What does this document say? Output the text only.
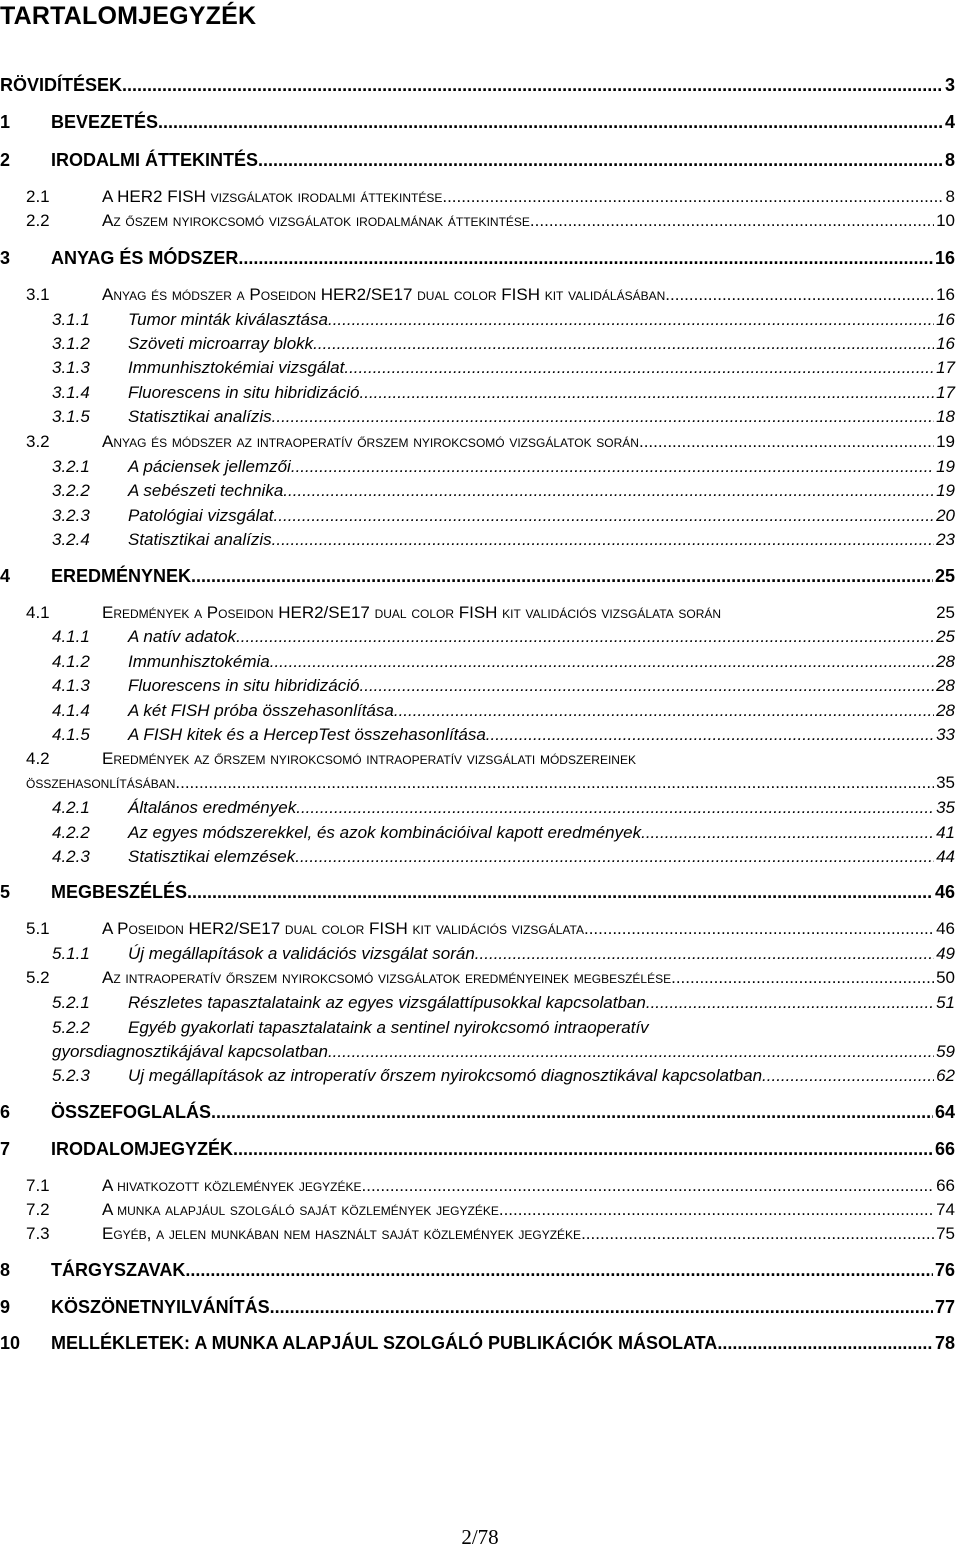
TARTALOMJEGYZÉK
RÖVIDÍTÉSEK .....	3
1	BEVEZETÉS .....	4
2	IRODALMI ÁTTEKINTÉS .....	8
2.1	A HER2 FISH vizsgálatok irodalmi áttekintése .....	8
2.2	Az őszem nyirokcsomó vizsgálatok irodalmának áttekintése .....	10
3	ANYAG ÉS MÓDSZER .....	16
3.1	Anyag és módszer a Poseidon HER2/SE17 dual color FISH kit validálásában .....	16
3.1.1	Tumor minták kiválasztása .....	16
3.1.2	Szöveti microarray blokk .....	16
3.1.3	Immunhisztokémiai vizsgálat .....	17
3.1.4	Fluorescens in situ hibridizáció .....	17
3.1.5	Statisztikai analízis .....	18
3.2	Anyag és módszer az intraoperatív őrszem nyirokcsomó vizsgálatok során .....	19
3.2.1	A páciensek jellemzői .....	19
3.2.2	A sebészeti technika .....	19
3.2.3	Patológiai vizsgálat .....	20
3.2.4	Statisztikai analízis .....	23
4	EREDMÉNYNEK .....	25
4.1	Eredmények a Poseidon HER2/SE17 dual color FISH kit validációs vizsgálata során	25
4.1.1	A natív adatok .....	25
4.1.2	Immunhisztokémia .....	28
4.1.3	Fluorescens in situ hibridizáció .....	28
4.1.4	A két FISH próba összehasonlítása .....	28
4.1.5	A FISH kitek és a HercepTest összehasonlítása .....	33
4.2	Eredmények az őrszem nyirokcsomó intraoperatív vizsgálati módszereinek
összehasonlításában .....	35
4.2.1	Általános eredmények .....	35
4.2.2	Az egyes módszerekkel, és azok kombinációival kapott eredmények .....	41
4.2.3	Statisztikai elemzések .....	44
5	MEGBESZÉLÉS .....	46
5.1	A Poseidon HER2/SE17 dual color FISH kit validációs vizsgálata .....	46
5.1.1	Új megállapítások a validációs vizsgálat során .....	49
5.2	Az intraoperatív őrszem nyirokcsomó vizsgálatok eredményeinek megbeszélése .....	50
5.2.1	Részletes tapasztalataink az egyes vizsgálattípusokkal kapcsolatban .....	51
5.2.2 Egyéb gyakorlati tapasztalataink a sentinel nyirokcsomó intraoperatív
gyorsdiagnosztikájával kapcsolatban. .....	59
5.2.3	Uj megállapítások az introperatív őrszem nyirokcsomó diagnosztikával kapcsolatban .....	62
6	ÖSSZEFOGLALÁS .....	64
7	IRODALOMJEGYZÉK .....	66
7.1	A hivatkozott közlemények jegyzéke .....	66
7.2	A munka alapjául szolgáló saját közlemények jegyzéke .....	74
7.3	Egyéb, a jelen munkában nem használt saját közlemények jegyzéke .....	75
8	TÁRGYSZAVAK .....	76
9	KÖSZÖNETNYILVÁNÍTÁS .....	77
10	MELLÉKLETEK: A MUNKA ALAPJÁUL SZOLGÁLÓ PUBLIKÁCIÓK MÁSOLATA .....	78
2/78
